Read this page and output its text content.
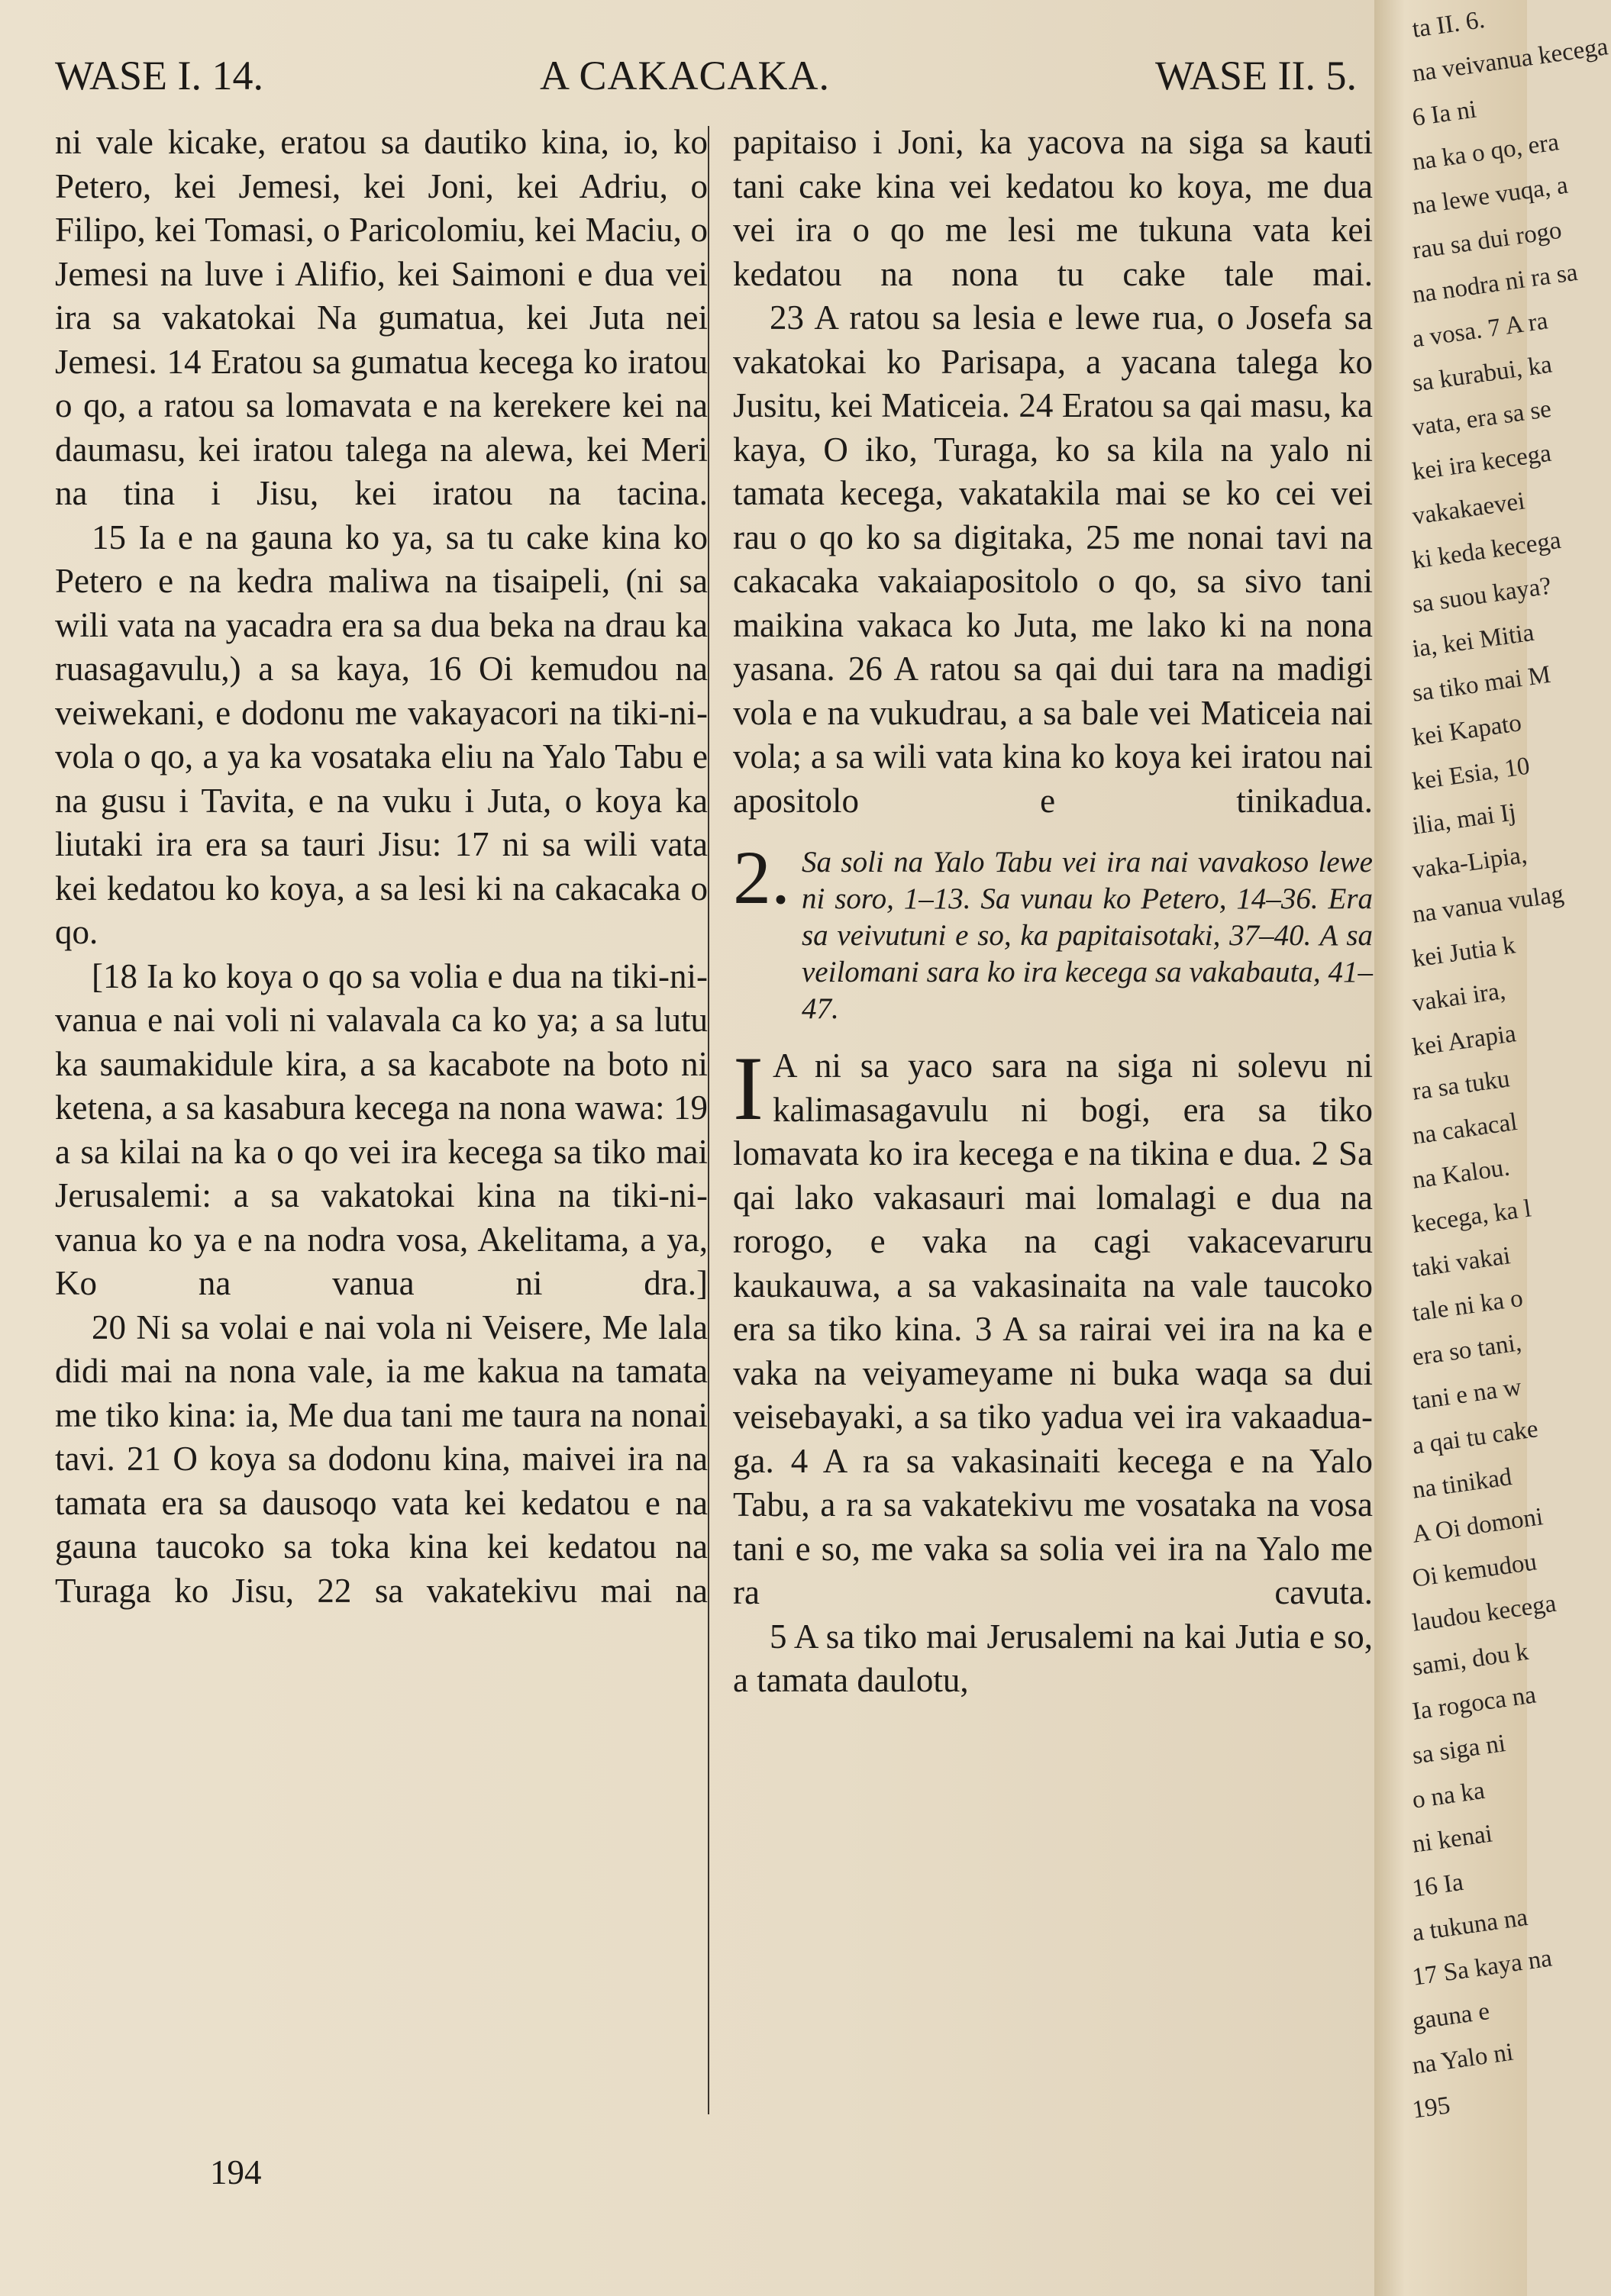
WASE I. 14.	A CAKACAKA.	WASE II. 5.

ni vale kicake, eratou sa dautiko kina, io, ko Petero, kei Jemesi, kei Joni, kei Adriu, o Filipo, kei Tomasi, o Paricolomiu, kei Maciu, o Jemesi na luve i Alifio, kei Saimoni e dua vei ira sa vakatokai Na gumatua, kei Juta nei Jemesi. 14 Eratou sa gumatua kecega ko iratou o qo, a ratou sa lomavata e na kerekere kei na daumasu, kei iratou talega na alewa, kei Meri na tina i Jisu, kei iratou na tacina.

15 Ia e na gauna ko ya, sa tu cake kina ko Petero e na kedra maliwa na tisaipeli, (ni sa wili vata na yacadra era sa dua beka na drau ka ruasagavulu,) a sa kaya, 16 Oi kemudou na veiwekani, e dodonu me vakayacori na tiki-ni-vola o qo, a ya ka vosataka eliu na Yalo Tabu e na gusu i Tavita, e na vuku i Juta, o koya ka liutaki ira era sa tauri Jisu: 17 ni sa wili vata kei kedatou ko koya, a sa lesi ki na cakacaka o qo.

[18 Ia ko koya o qo sa volia e dua na tiki-ni-vanua e nai voli ni valavala ca ko ya; a sa lutu ka saumakidule kira, a sa kacabote na boto ni ketena, a sa kasabura kecega na nona wawa: 19 a sa kilai na ka o qo vei ira kecega sa tiko mai Jerusalemi: a sa vakatokai kina na tiki-ni-vanua ko ya e na nodra vosa, Akelitama, a ya, Ko na vanua ni dra.]

20 Ni sa volai e nai vola ni Veisere, Me lala didi mai na nona vale, ia me kakua na tamata me tiko kina: ia, Me dua tani me taura na nonai tavi. 21 O koya sa dodonu kina, maivei ira na tamata era sa dausoqo vata kei kedatou e na gauna taucoko sa toka kina kei kedatou na Turaga ko Jisu, 22 sa vakatekivu mai na

papitaiso i Joni, ka yacova na siga sa kauti tani cake kina vei kedatou ko koya, me dua vei ira o qo me lesi me tukuna vata kei kedatou na nona tu cake tale mai.

23 A ratou sa lesia e lewe rua, o Josefa sa vakatokai ko Parisapa, a yacana talega ko Jusitu, kei Maticeia. 24 Eratou sa qai masu, ka kaya, O iko, Turaga, ko sa kila na yalo ni tamata kecega, vakatakila mai se ko cei vei rau o qo ko sa digitaka, 25 me nonai tavi na cakacaka vakaiapositolo o qo, sa sivo tani maikina vakaca ko Juta, me lako ki na nona yasana. 26 A ratou sa qai dui tara na madigi vola e na vukudrau, a sa bale vei Maticeia nai vola; a sa wili vata kina ko koya kei iratou nai apositolo e tinikadua.

2. Sa soli na Yalo Tabu vei ira nai vavakoso lewe ni soro, 1–13. Sa vunau ko Petero, 14–36. Era sa veivutuni e so, ka papitaisotaki, 37–40. A sa veilomani sara ko ira kecega sa vakabauta, 41–47.

I A ni sa yaco sara na siga ni solevu ni kalimasagavulu ni bogi, era sa tiko lomavata ko ira kecega e na tikina e dua. 2 Sa qai lako vakasauri mai lomalagi e dua na rorogo, e vaka na cagi vakacevaruru kaukauwa, a sa vakasinaita na vale taucoko era sa tiko kina. 3 A sa rairai vei ira na ka e vaka na veiyameyame ni buka waqa sa dui veisebayaki, a sa tiko yadua vei ira vakaadua-ga. 4 A ra sa vakasinaiti kecega e na Yalo Tabu, a ra sa vakatekivu me vosataka na vosa tani e so, me vaka sa solia vei ira na Yalo me ra cavuta.

5 A sa tiko mai Jerusalemi na kai Jutia e so, a tamata daulotu,

194
ta II. 6.
na veivanua kecega
6 Ia ni
na ka o qo, era
na lewe vuqa, a
rau sa dui rogo
na nodra ni ra sa
a vosa. 7 A ra
sa kurabui, ka
vata, era sa se
kei ira kecega
vakakaevei
ki keda kecega
sa suou kaya?
ia, kei Mitia
sa tiko mai M
kei Kapato
kei Esia, 10
ilia, mai Ij
vaka-Lipia,
na vanua vulag
kei Jutia k
vakai ira,
kei Arapia
ra sa tuku
na cakacal
na Kalou.
kecega, ka l
taki vakai
tale ni ka o
era so tani,
tani e na w
a qai tu cake
na tinikad
A Oi domoni
Oi kemudou
laudou kecega
sami, dou k
Ia rogoca na
sa siga ni
o na ka
ni kenai
16 Ia
a tukuna na
17 Sa kaya na
gauna e
na Yalo ni
195
